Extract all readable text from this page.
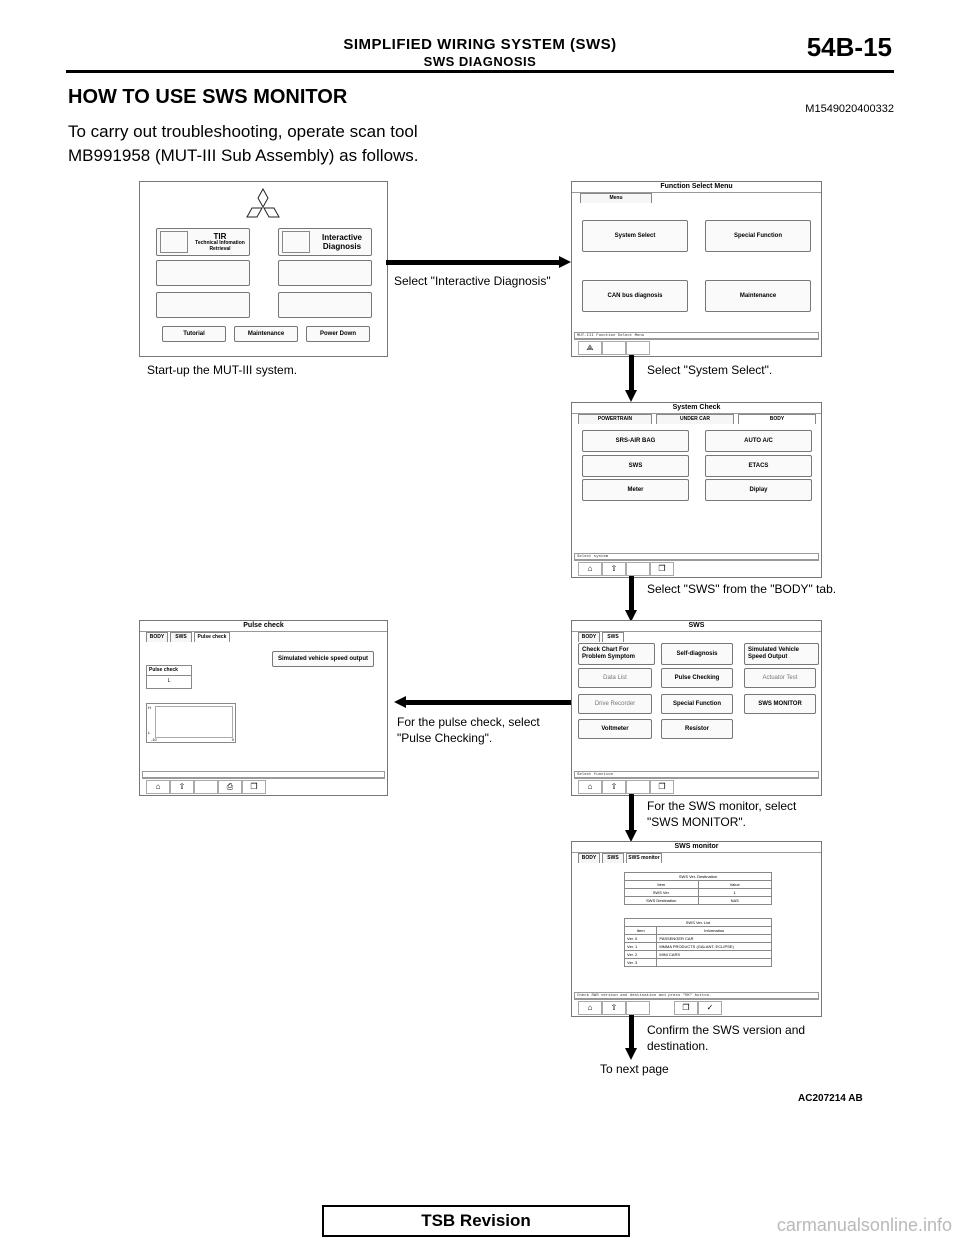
SIMPLIFIED WIRING SYSTEM (SWS)
SWS DIAGNOSIS	54B-15
HOW TO USE SWS MONITOR
M1549020400332
To carry out troubleshooting, operate scan tool MB991958 (MUT-III Sub Assembly) as follows.
TIR
Technical Infomation Retrieval
Interactive Diagnosis
Tutorial	Maintenance	Power Down
Start-up the MUT-III system.
Function Select Menu
Menu
System Select	Special Function
CAN bus diagnosis	Maintenance
MUT-III Function Select Menu
⟁
Select "Interactive Diagnosis"
Select "System Select".
System Check
POWERTRAIN	UNDER CAR	BODY
SRS-AIR BAG	AUTO A/C
SWS	ETACS
Meter	Diplay
Select system
⌂	⇧	❐
Select "SWS" from the "BODY" tab.
SWS
BODY	SWS
Check Chart For Problem Symptom
Self-diagnosis
Simulated Vehicle Speed Output
Data List	Pulse Checking	Actuator Test
Drive Recorder	Special Function	SWS MONITOR
Voltmeter	Resistor
Select function
⌂	⇧	❐
For the pulse check, select
"Pulse Checking".
Pulse check
BODY	SWS	Pulse check
Simulated vehicle speed output
Pulse check
L
H
L
-10	0
⌂	⇧	⎙	❐
For the SWS monitor, select
"SWS MONITOR".
SWS monitor
BODY	SWS	SWS monitor
SWS Ver. Destination	
Item	Value
SWS Ver.	1
SWS Destination	NAS
SWS Ver. List	
Item	Information
Ver. 0	PASSENGER CAR
Ver. 1	MMMA PRODUCTS (GALANT, ECLIPSE)
Ver. 2	MINI CARS
Ver. 3	
Check SWS version and destination and press "OK" button.
⌂	⇧	❐	✓
Confirm the SWS version and
destination.
To next page
AC207214 AB
TSB Revision	carmanualsonline.info
